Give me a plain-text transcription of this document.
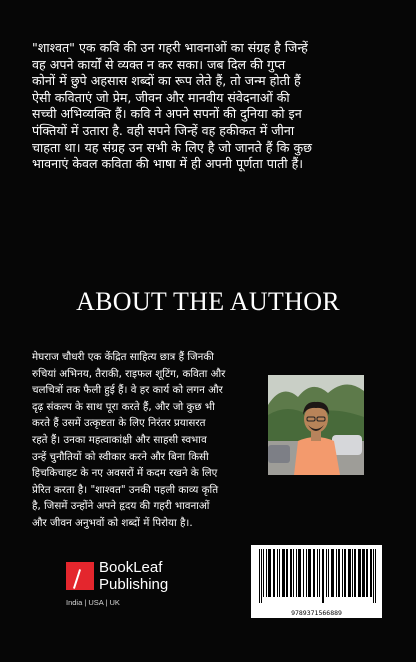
"शाश्वत" एक कवि की उन गहरी भावनाओं का संग्रह है जिन्हें
वह अपने कार्यों से व्यक्त न कर सका। जब दिल की गुप्त
कोनों में छुपे अहसास शब्दों का रूप लेते हैं, तो जन्म होती हैं
ऐसी कविताएं जो प्रेम, जीवन और मानवीय संवेदनाओं की
सच्ची अभिव्यक्ति हैं। कवि ने अपने सपनों की दुनिया को इन
पंक्तियों में उतारा है. वही सपने जिन्हें वह हकीकत में जीना
चाहता था। यह संग्रह उन सभी के लिए है जो जानते हैं कि कुछ
भावनाएं केवल कविता की भाषा में ही अपनी पूर्णता पाती हैं।
ABOUT THE AUTHOR
मेघराज चौधरी एक केंद्रित साहित्य छात्र हैं जिनकी
रुचियां अभिनय, तैराकी, राइफल शूटिंग, कविता और
चलचित्रों तक फैली हुई हैं। वे हर कार्य को लगन और
दृढ़ संकल्प के साथ पूरा करते हैं, और जो कुछ भी
करते हैं उसमें उत्कृष्टता के लिए निरंतर प्रयासरत
रहते हैं। उनका महत्वाकांक्षी और साहसी स्वभाव
उन्हें चुनौतियों को स्वीकार करने और बिना किसी
हिचकिचाहट के नए अवसरों में कदम रखने के लिए
प्रेरित करता है। "शाश्वत" उनकी पहली काव्य कृति
है, जिसमें उन्होंने अपने हृदय की गहरी भावनाओं
और जीवन अनुभवों को शब्दों में पिरोया है।.
BookLeaf
Publishing
India | USA | UK
9789371566889
